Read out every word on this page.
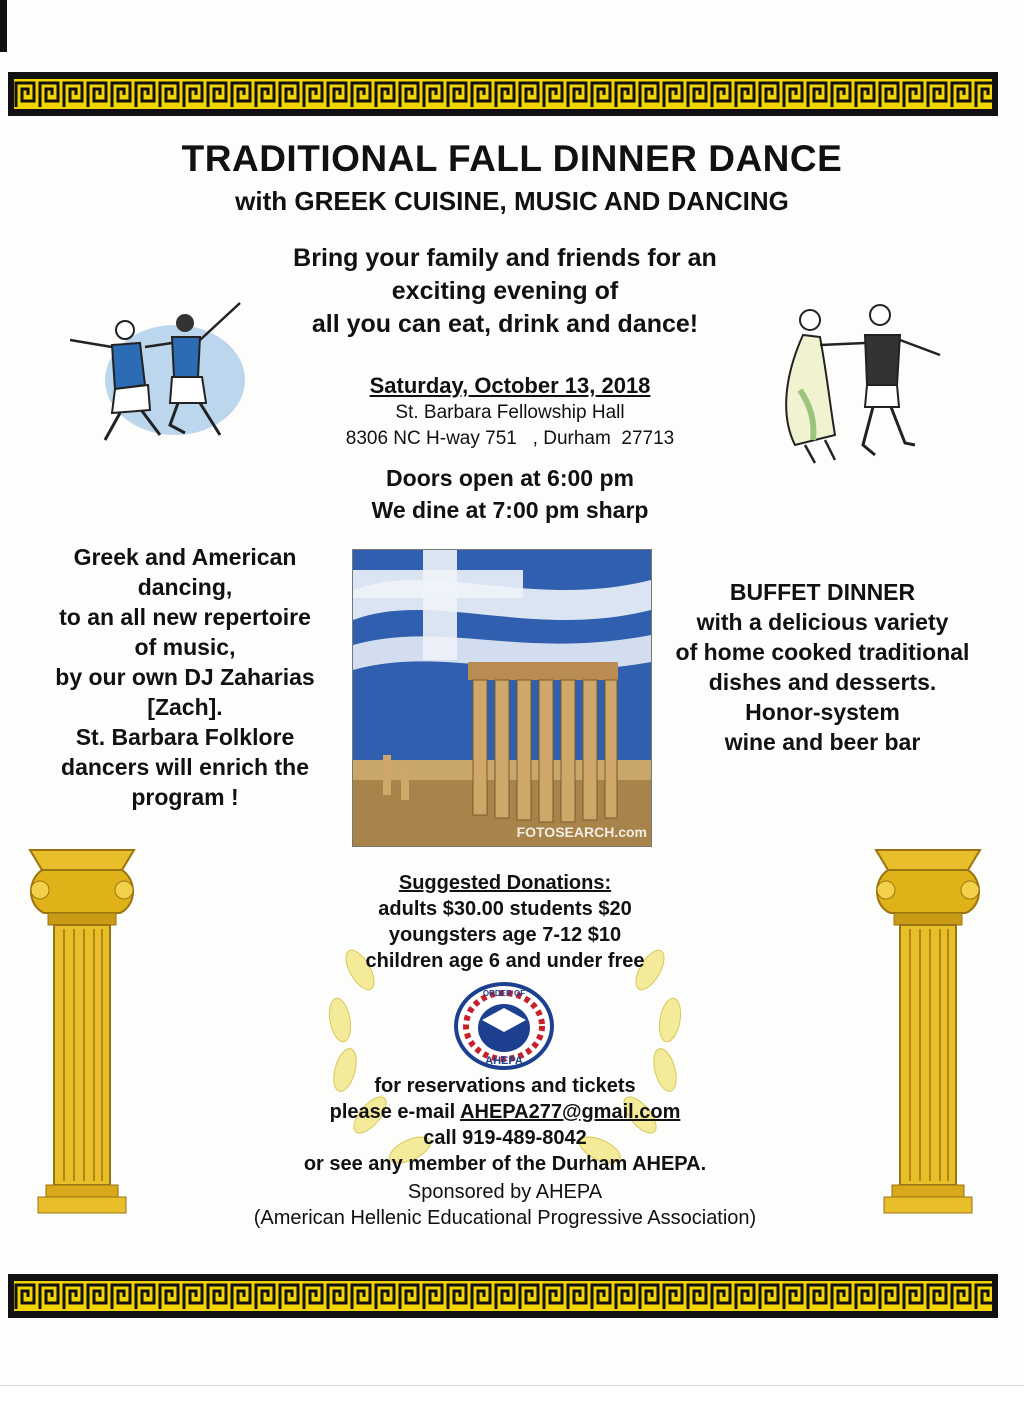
TRADITIONAL FALL DINNER DANCE
with GREEK CUISINE, MUSIC AND DANCING
Bring your family and friends for an
exciting evening of
all you can eat, drink and dance!
Saturday, October 13, 2018
St. Barbara Fellowship Hall
8306 NC H-way 751   , Durham  27713
Doors open at 6:00 pm
We dine at 7:00 pm sharp
Greek and American
dancing,
to an all new repertoire
of music,
by our own DJ Zaharias
[Zach].
St. Barbara Folklore
dancers will enrich the
program !
FOTOSEARCH.com
BUFFET DINNER
with a delicious variety
of home cooked traditional
dishes and desserts.
Honor-system
wine and beer bar
Suggested Donations:
adults $30.00 students $20
youngsters age 7-12 $10
children age 6 and under free
ORDER OF
AHEPA
for reservations and tickets
please e-mail AHEPA277@gmail.com
call 919-489-8042
or see any member of the Durham AHEPA.
Sponsored by AHEPA
(American Hellenic Educational Progressive Association)
